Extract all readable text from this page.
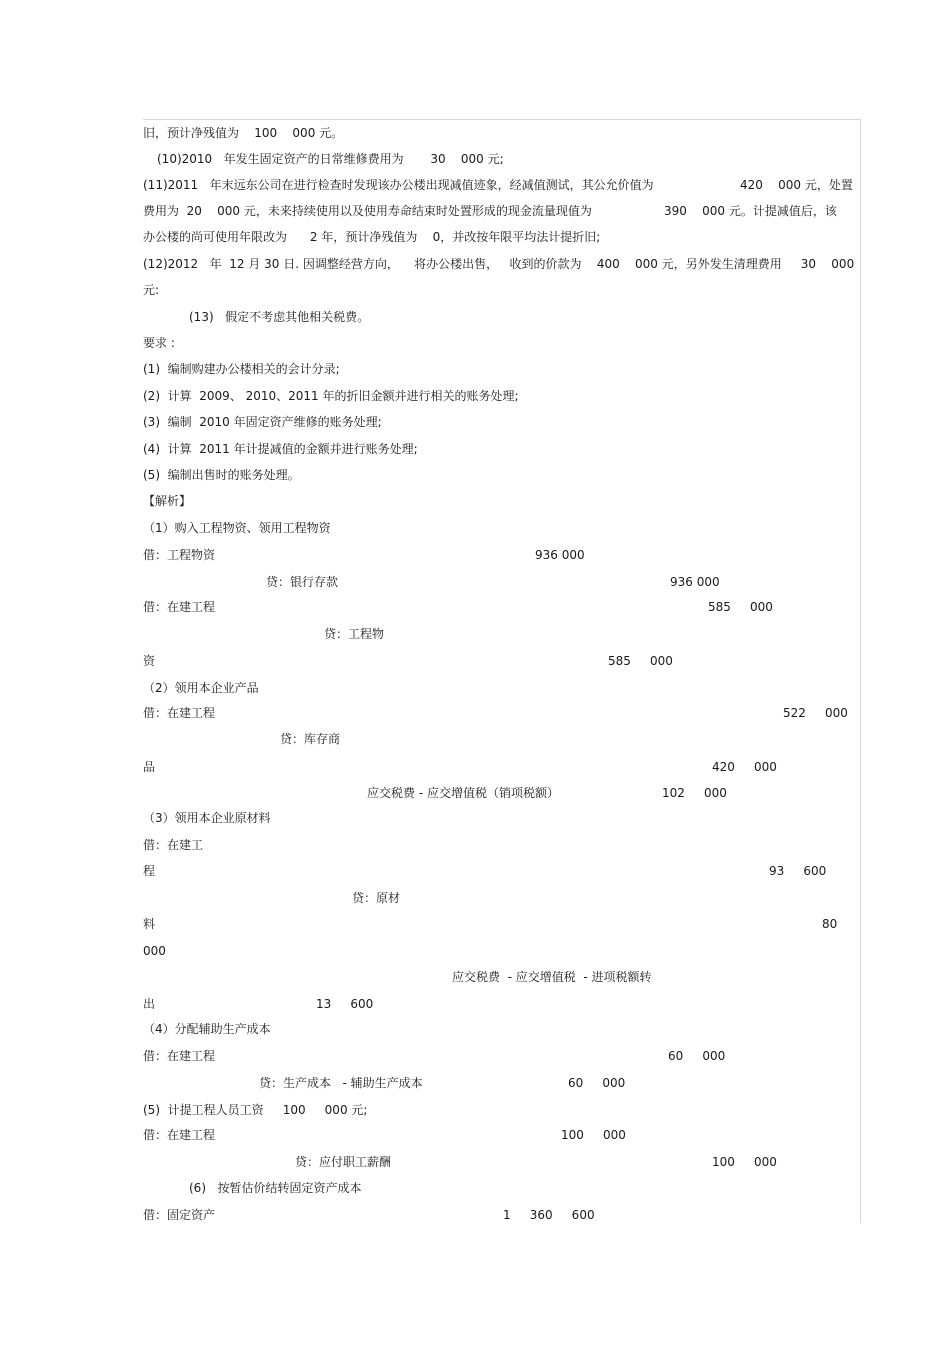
旧，预计净残值为    100    000 元。
(10)2010   年发生固定资产的日常维修费用为       30    000 元;
(11)2011   年末远东公司在进行检查时发现该办公楼出现减值迹象，经减值测试，其公允价值为	420    000 元，处置
费用为  20    000 元，未来持续使用以及使用寿命结束时处置形成的现金流量现值为	390    000 元。计提减值后，该
办公楼的尚可使用年限改为      2 年，预计净残值为    0，并改按年限平均法计提折旧;
(12)2012   年  12 月 30 日. 因调整经营方向，    将办公楼出售，   收到的价款为    400    000 元，另外发生清理费用     30    000
元:
(13)   假定不考虑其他相关税费。
要求 :
(1)  编制购建办公楼相关的会计分录;
(2)  计算  2009、 2010、2011 年的折旧金额并进行相关的账务处理;
(3)  编制  2010 年固定资产维修的账务处理;
(4)  计算  2011 年计提减值的金额并进行账务处理;
(5)  编制出售时的账务处理。
【解析】
（1）购入工程物资、领用工程物资
借：工程物资	936 000
贷：银行存款	936 000
借：在建工程	585     000
贷：工程物
资	585     000
（2）领用本企业产品
借：在建工程	522     000
贷：库存商
品	420     000
应交税费 - 应交增值税（销项税额）	102     000
（3）领用本企业原材料
借：在建工
程	93     600
贷：原材
料	80
000
应交税费  - 应交增值税  - 进项税额转
出	13     600
（4）分配辅助生产成本
借：在建工程	60     000
贷：生产成本   - 辅助生产成本	60     000
(5)  计提工程人员工资     100     000 元;
借：在建工程	100     000
贷：应付职工薪酬	100     000
(6)   按暂估价结转固定资产成本
借：固定资产	1     360     600
